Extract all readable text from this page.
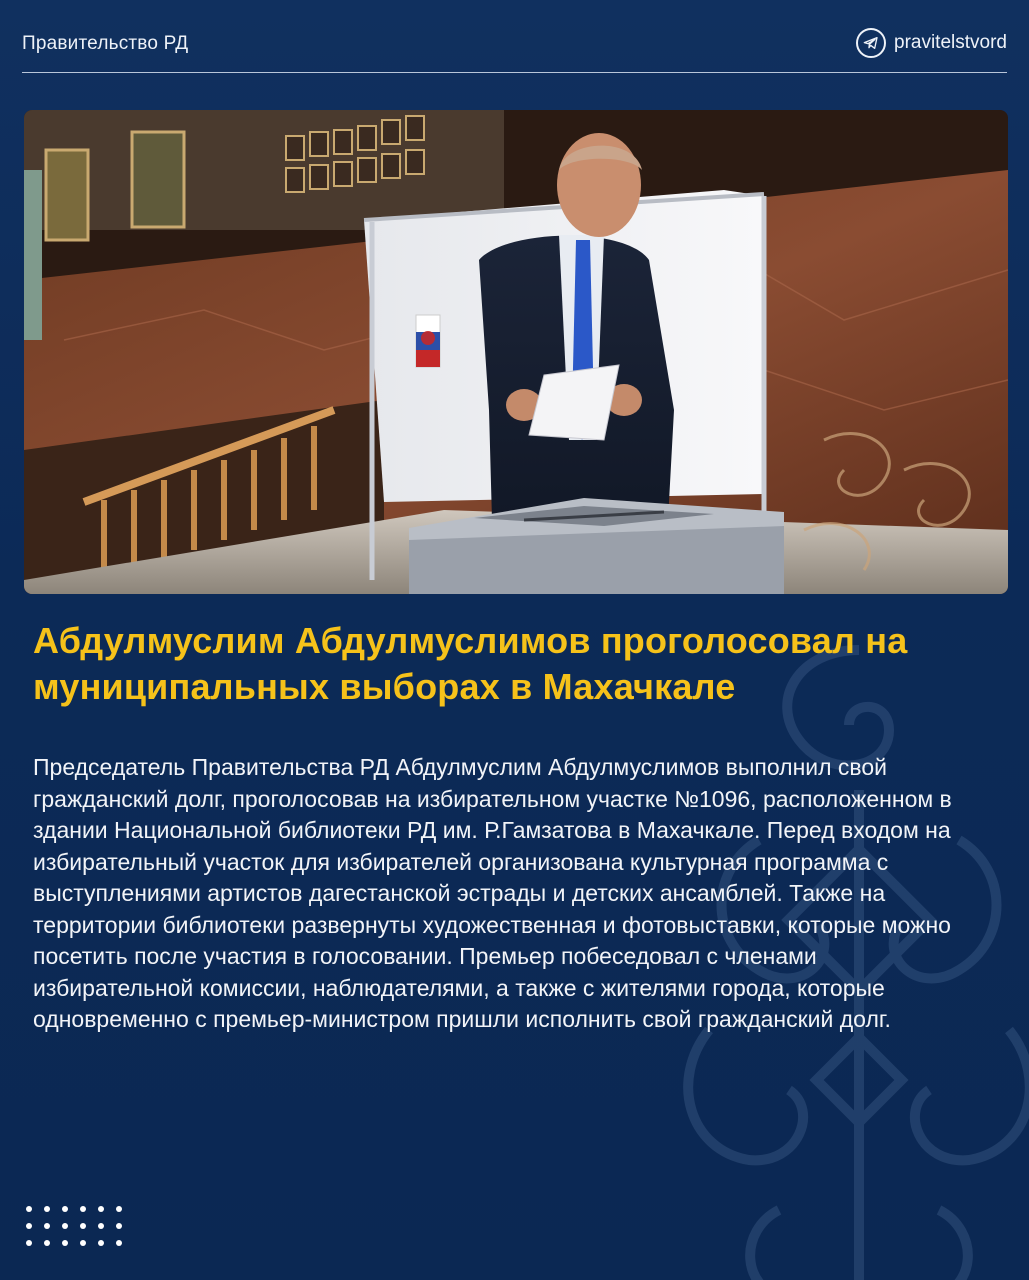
Правительство РД	pravitelstvord
Абдулмуслим Абдулмуслимов проголосовал на муниципальных выборах в Махачкале

Председатель Правительства РД Абдулмуслим Абдулмуслимов выполнил свой гражданский долг, проголосовав на избирательном участке №1096, расположенном в здании Национальной библиотеки РД им. Р.Гамзатова в Махачкале. Перед входом на избирательный участок для избирателей организована культурная программа с выступлениями артистов дагестанской эстрады и детских ансамблей. Также на территории библиотеки развернуты художественная и фотовыставки, которые можно посетить после участия в голосовании. Премьер побеседовал с членами избирательной комиссии, наблюдателями, а также с жителями города, которые одновременно с премьер-министром пришли исполнить свой гражданский долг.
